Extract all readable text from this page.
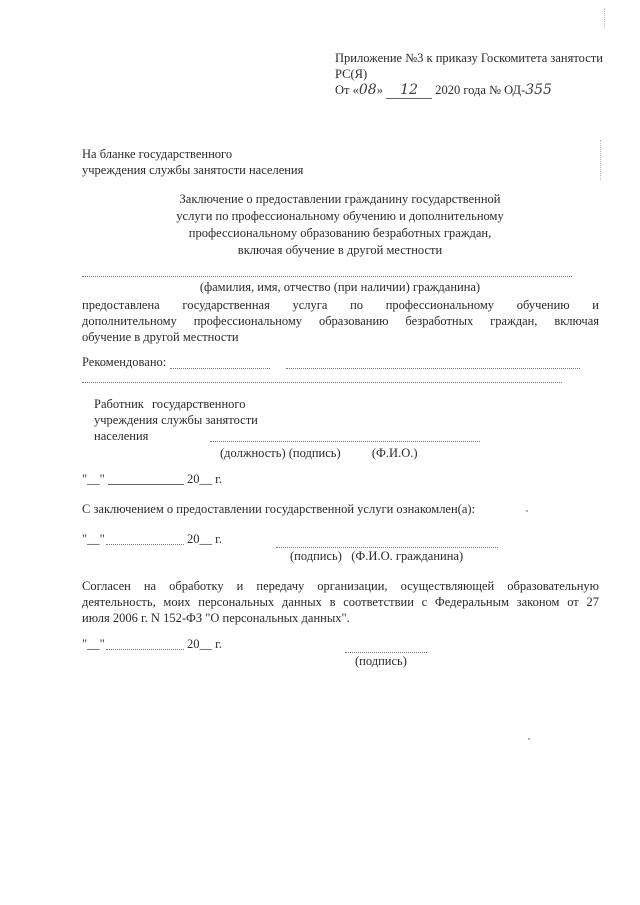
Приложение №3 к приказу Госкомитета занятости
РС(Я)
От «08» 12 2020 года № ОД-355
На бланке государственного
учреждения службы занятости населения
Заключение о предоставлении гражданину государственной
услуги по профессиональному обучению и дополнительному
профессиональному образованию безработных граждан,
включая обучение в другой местности
(фамилия, имя, отчество (при наличии) гражданина)
предоставлена государственная услуга по профессиональному обучению и
дополнительному профессиональному образованию безработных граждан, включая
обучение в другой местности
Рекомендовано:
Работник государственного
учреждения службы занятости
населения
(должность) (подпись)          (Ф.И.О.)
"__"	20__ г.
С заключением о предоставлении государственной услуги ознакомлен(а):
"__"	20__ г.
(подпись)   (Ф.И.О. гражданина)
Согласен на обработку и передачу организации, осуществляющей образовательную
деятельность, моих персональных данных в соответствии с Федеральным законом от 27
июля 2006 г. N 152-ФЗ "О персональных данных".
"__"	20__ г.
(подпись)
